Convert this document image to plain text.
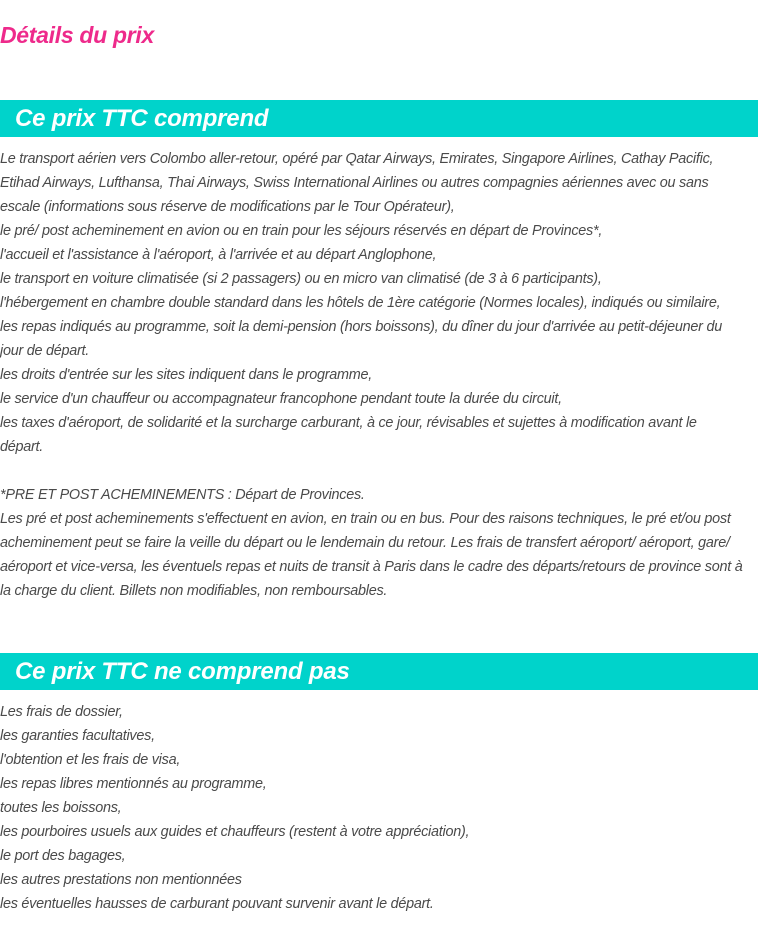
Détails du prix
Ce prix TTC comprend
Le transport aérien vers Colombo aller-retour, opéré par Qatar Airways, Emirates, Singapore Airlines, Cathay Pacific,
Etihad Airways, Lufthansa, Thai Airways, Swiss International Airlines ou autres compagnies aériennes avec ou sans
escale (informations sous réserve de modifications par le Tour Opérateur),
le pré/ post acheminement en avion ou en train pour les séjours réservés en départ de Provinces*,
l'accueil et l'assistance à l'aéroport, à l'arrivée et au départ Anglophone,
le transport en voiture climatisée (si 2 passagers) ou en micro van climatisé (de 3 à 6 participants),
l'hébergement en chambre double standard dans les hôtels de 1ère catégorie (Normes locales), indiqués ou similaire,
les repas indiqués au programme, soit la demi-pension (hors boissons), du dîner du jour d'arrivée au petit-déjeuner du
jour de départ.
les droits d'entrée sur les sites indiquent dans le programme,
le service d'un chauffeur ou accompagnateur francophone pendant toute la durée du circuit,
les taxes d'aéroport, de solidarité et la surcharge carburant, à ce jour, révisables et sujettes à modification avant le
départ.
*PRE ET POST ACHEMINEMENTS : Départ de Provinces.
Les pré et post acheminements s'effectuent en avion, en train ou en bus. Pour des raisons techniques, le pré et/ou post
acheminement peut se faire la veille du départ ou le lendemain du retour. Les frais de transfert aéroport/ aéroport, gare/
aéroport et vice-versa, les éventuels repas et nuits de transit à Paris dans le cadre des départs/retours de province sont à
la charge du client. Billets non modifiables, non remboursables.
Ce prix TTC ne comprend pas
Les frais de dossier,
les garanties facultatives,
l'obtention et les frais de visa,
les repas libres mentionnés au programme,
toutes les boissons,
les pourboires usuels aux guides et chauffeurs (restent à votre appréciation),
le port des bagages,
les autres prestations non mentionnées
les éventuelles hausses de carburant pouvant survenir avant le départ.
